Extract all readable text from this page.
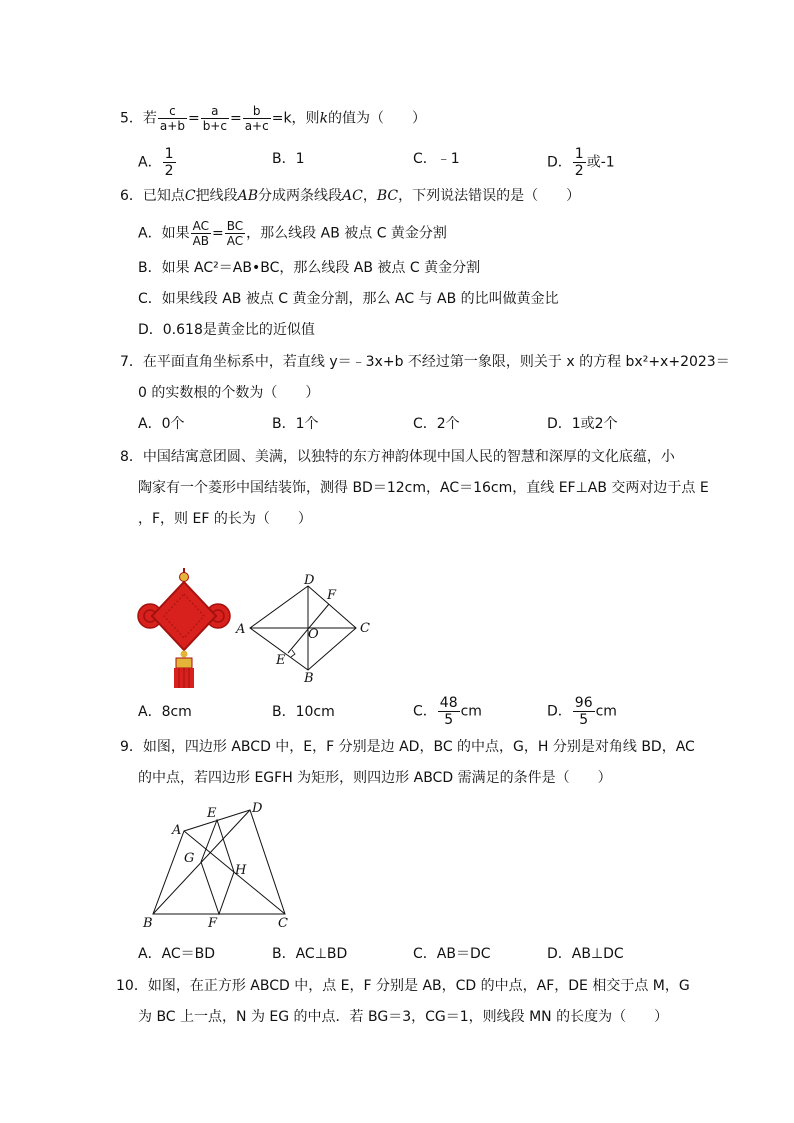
5．若 $\frac{c}{a+b} = \frac{a}{b+c} = \frac{b}{a+c} =k$，则k的值为（　　）
A． $\frac{1}{2}$	B．1	C．﹣1	D． $\frac{1}{2}$ 或-1
6．已知点C把线段AB分成两条线段AC，BC，下列说法错误的是（　　）
A．如果 $\frac{AC}{AB} = \frac{BC}{AC}$ ，那么线段 AB 被点 C 黄金分割
B．如果 AC²＝AB•BC，那么线段 AB 被点 C 黄金分割
C．如果线段 AB 被点 C 黄金分割，那么 AC 与 AB 的比叫做黄金比
D．0.618是黄金比的近似值
7．在平面直角坐标系中，若直线 y＝﹣3x+b 不经过第一象限，则关于 x 的方程 bx²+x+2023＝
0 的实数根的个数为（　　）
A．0个	B．1个	C．2个	D．1或2个
8．中国结寓意团圆、美满，以独特的东方神韵体现中国人民的智慧和深厚的文化底蕴，小
陶家有一个菱形中国结装饰，测得 BD＝12cm，AC＝16cm，直线 EF⊥AB 交两对边于点 E
，F，则 EF 的长为（　　）
D
F
A	C
O
E
B
A．8cm	B．10cm	C． $\frac{48}{5}$ cm	D． $\frac{96}{5}$ cm
9．如图，四边形 ABCD 中，E，F 分别是边 AD，BC 的中点，G，H 分别是对角线 BD，AC
的中点，若四边形 EGFH 为矩形，则四边形 ABCD 需满足的条件是（　　）
A
E	D
G
H
B	F	C
A．AC＝BD	B．AC⊥BD	C．AB＝DC	D．AB⊥DC
10．如图，在正方形 ABCD 中，点 E，F 分别是 AB，CD 的中点，AF，DE 相交于点 M，G
为 BC 上一点，N 为 EG 的中点．若 BG＝3，CG＝1，则线段 MN 的长度为（　　）
